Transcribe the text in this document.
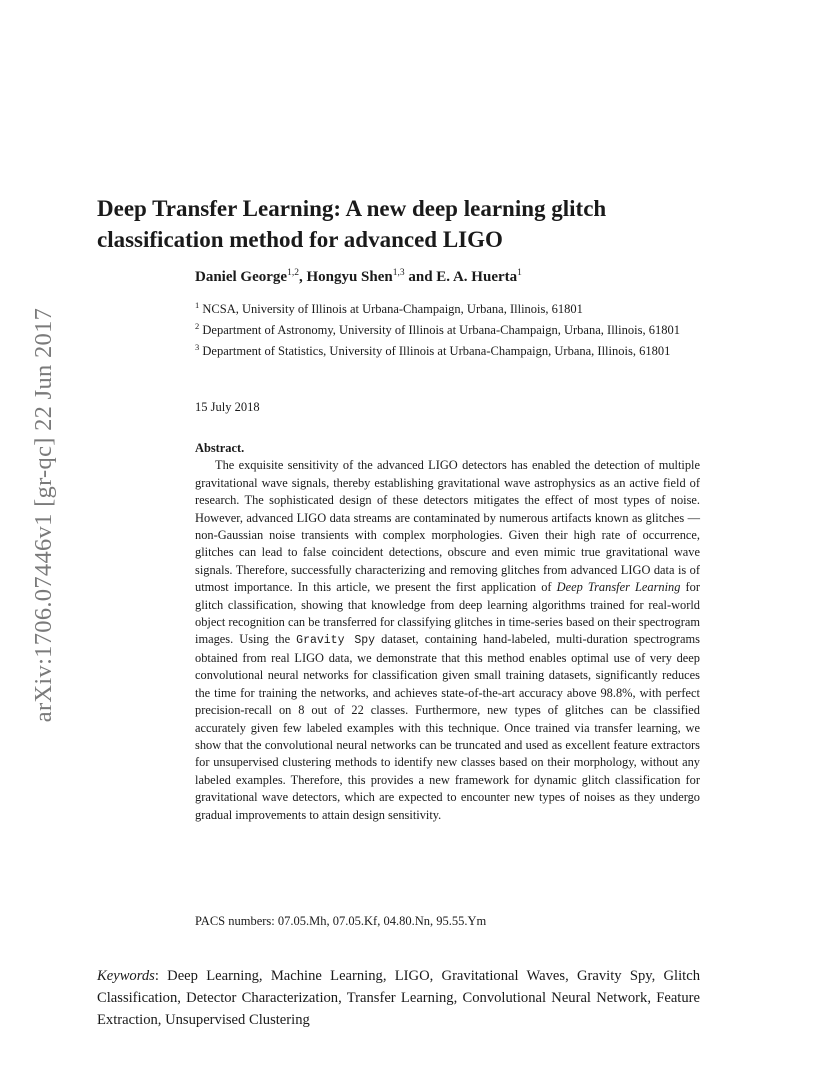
arXiv:1706.07446v1 [gr-qc] 22 Jun 2017
Deep Transfer Learning: A new deep learning glitch classification method for advanced LIGO
Daniel George$^{1,2}$, Hongyu Shen$^{1,3}$ and E. A. Huerta$^1$

$^1$ NCSA, University of Illinois at Urbana-Champaign, Urbana, Illinois, 61801

$^2$ Department of Astronomy, University of Illinois at Urbana-Champaign, Urbana, Illinois, 61801

$^3$ Department of Statistics, University of Illinois at Urbana-Champaign, Urbana, Illinois, 61801

15 July 2018
Abstract.

The exquisite sensitivity of the advanced LIGO detectors has enabled the detection of multiple gravitational wave signals, thereby establishing gravitational wave astrophysics as an active field of research. The sophisticated design of these detectors mitigates the effect of most types of noise. However, advanced LIGO data streams are contaminated by numerous artifacts known as glitches — non-Gaussian noise transients with complex morphologies. Given their high rate of occurrence, glitches can lead to false coincident detections, obscure and even mimic true gravitational wave signals. Therefore, successfully characterizing and removing glitches from advanced LIGO data is of utmost importance. In this article, we present the first application of Deep Transfer Learning for glitch classification, showing that knowledge from deep learning algorithms trained for real-world object recognition can be transferred for classifying glitches in time-series based on their spectrogram images. Using the Gravity Spy dataset, containing hand-labeled, multi-duration spectrograms obtained from real LIGO data, we demonstrate that this method enables optimal use of very deep convolutional neural networks for classification given small training datasets, significantly reduces the time for training the networks, and achieves state-of-the-art accuracy above 98.8%, with perfect precision-recall on 8 out of 22 classes. Furthermore, new types of glitches can be classified accurately given few labeled examples with this technique. Once trained via transfer learning, we show that the convolutional neural networks can be truncated and used as excellent feature extractors for unsupervised clustering methods to identify new classes based on their morphology, without any labeled examples. Therefore, this provides a new framework for dynamic glitch classification for gravitational wave detectors, which are expected to encounter new types of noises as they undergo gradual improvements to attain design sensitivity.

PACS numbers: 07.05.Mh, 07.05.Kf, 04.80.Nn, 95.55.Ym
Keywords: Deep Learning, Machine Learning, LIGO, Gravitational Waves, Gravity Spy, Glitch Classification, Detector Characterization, Transfer Learning, Convolutional Neural Network, Feature Extraction, Unsupervised Clustering
